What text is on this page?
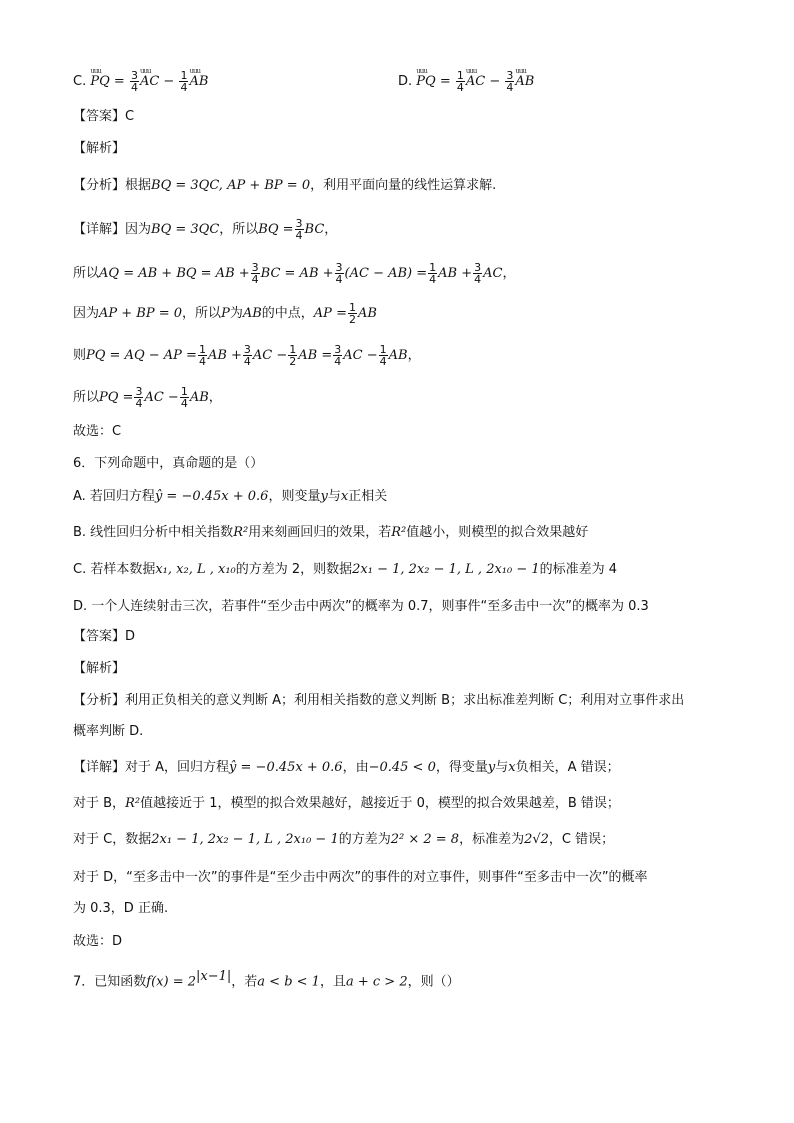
C. uuu PQ = $\frac{3}{4}$ uuu AC − $\frac{1}{4}$ uuu AB	D. uuu PQ = $\frac{1}{4}$ uuu AC − $\frac{3}{4}$ uuu AB
【答案】C
【解析】
【分析】根据BQ = 3QC, AP + BP = 0，利用平面向量的线性运算求解.
【详解】因为BQ = 3QC，所以BQ = $\frac{3}{4}$ BC，
所以AQ = AB + BQ = AB + $\frac{3}{4}$ BC = AB + $\frac{3}{4} (AC - AB) = \frac{1}{4}$ AB + $\frac{3}{4}$ AC，
因为AP + BP = 0，所以P为AB的中点，AP = $\frac{1}{2}$ AB
则PQ = AQ − AP = $\frac{1}{4}$ AB + $\frac{3}{4}$ AC − $\frac{1}{2}$ AB = $\frac{3}{4}$ AC − $\frac{1}{4}$ AB，
所以PQ = $\frac{3}{4}$ AC − $\frac{1}{4}$ AB，
故选：C
6．下列命题中，真命题的是（）
A. 若回归方程ŷ = −0.45x + 0.6，则变量y与x正相关
B. 线性回归分析中相关指数R²用来刻画回归的效果，若R²值越小，则模型的拟合效果越好
C. 若样本数据x₁, x₂, L , x₁₀的方差为 2，则数据2x₁ − 1, 2x₂ − 1, L , 2x₁₀ − 1的标准差为 4
D. 一个人连续射击三次，若事件“至少击中两次”的概率为 0.7，则事件“至多击中一次”的概率为 0.3
【答案】D
【解析】
【分析】利用正负相关的意义判断 A；利用相关指数的意义判断 B；求出标准差判断 C；利用对立事件求出
概率判断 D.
【详解】对于 A，回归方程ŷ = −0.45x + 0.6，由−0.45 < 0，得变量y与x负相关，A 错误；
对于 B，R²值越接近于 1，模型的拟合效果越好，越接近于 0，模型的拟合效果越差，B 错误；
对于 C，数据2x₁ − 1, 2x₂ − 1, L , 2x₁₀ − 1的方差为2² × 2 = 8，标准差为2√2，C 错误；
对于 D，“至多击中一次”的事件是“至少击中两次”的事件的对立事件，则事件“至多击中一次”的概率
为 0.3，D 正确.
故选：D
7．已知函数$f(x) = 2^{|x-1|}$，若a < b < 1，且a + c > 2，则（）
